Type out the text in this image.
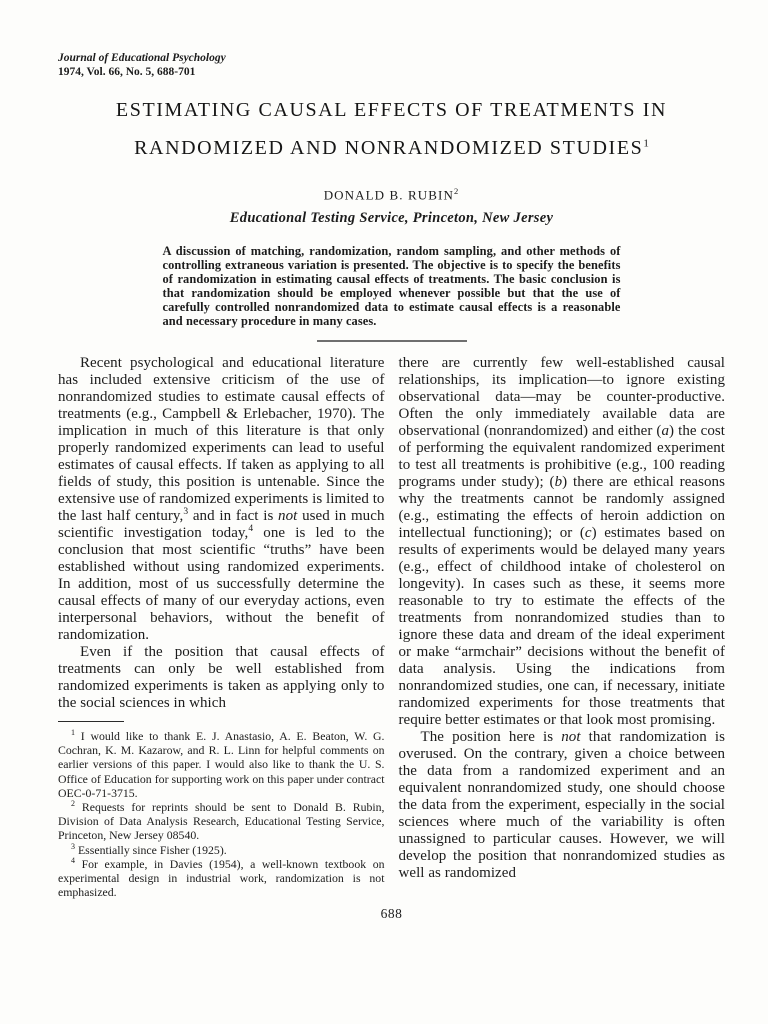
Journal of Educational Psychology
1974, Vol. 66, No. 5, 688-701
ESTIMATING CAUSAL EFFECTS OF TREATMENTS IN
RANDOMIZED AND NONRANDOMIZED STUDIES$^1$
DONALD B. RUBIN$^2$
Educational Testing Service, Princeton, New Jersey
A discussion of matching, randomization, random sampling, and other methods of controlling extraneous variation is presented. The objective is to specify the benefits of randomization in estimating causal effects of treatments. The basic conclusion is that randomization should be employed whenever possible but that the use of carefully controlled nonrandomized data to estimate causal effects is a reasonable and necessary procedure in many cases.

Recent psychological and educational literature has included extensive criticism of the use of nonrandomized studies to estimate causal effects of treatments (e.g., Campbell & Erlebacher, 1970). The implication in much of this literature is that only properly randomized experiments can lead to useful estimates of causal effects. If taken as applying to all fields of study, this position is untenable. Since the extensive use of randomized experiments is limited to the last half century,$^3$ and in fact is not used in much scientific investigation today,$^4$ one is led to the conclusion that most scientific “truths” have been established without using randomized experiments. In addition, most of us successfully determine the causal effects of many of our everyday actions, even interpersonal behaviors, without the benefit of randomization.

Even if the position that causal effects of treatments can only be well established from randomized experiments is taken as applying only to the social sciences in which

$^1$ I would like to thank E. J. Anastasio, A. E. Beaton, W. G. Cochran, K. M. Kazarow, and R. L. Linn for helpful comments on earlier versions of this paper. I would also like to thank the U. S. Office of Education for supporting work on this paper under contract OEC-0-71-3715.

$^2$ Requests for reprints should be sent to Donald B. Rubin, Division of Data Analysis Research, Educational Testing Service, Princeton, New Jersey 08540.

$^3$ Essentially since Fisher (1925).

$^4$ For example, in Davies (1954), a well-known textbook on experimental design in industrial work, randomization is not emphasized.

there are currently few well-established causal relationships, its implication—to ignore existing observational data—may be counter-productive. Often the only immediately available data are observational (nonrandomized) and either (a) the cost of performing the equivalent randomized experiment to test all treatments is prohibitive (e.g., 100 reading programs under study); (b) there are ethical reasons why the treatments cannot be randomly assigned (e.g., estimating the effects of heroin addiction on intellectual functioning); or (c) estimates based on results of experiments would be delayed many years (e.g., effect of childhood intake of cholesterol on longevity). In cases such as these, it seems more reasonable to try to estimate the effects of the treatments from nonrandomized studies than to ignore these data and dream of the ideal experiment or make “armchair” decisions without the benefit of data analysis. Using the indications from nonrandomized studies, one can, if necessary, initiate randomized experiments for those treatments that require better estimates or that look most promising.

The position here is not that randomization is overused. On the contrary, given a choice between the data from a randomized experiment and an equivalent nonrandomized study, one should choose the data from the experiment, especially in the social sciences where much of the variability is often unassigned to particular causes. However, we will develop the position that nonrandomized studies as well as randomized

688
